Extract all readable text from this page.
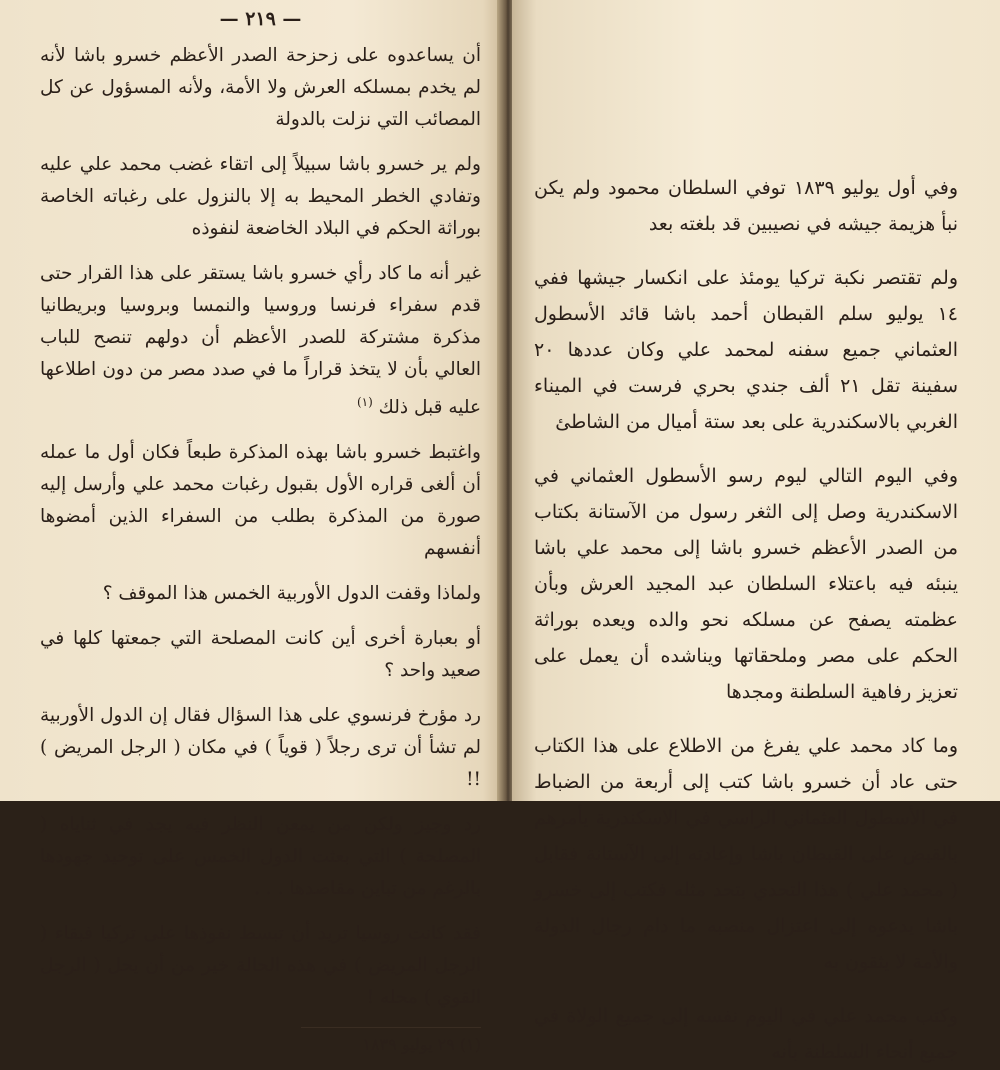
— ٢١٩ —

أن يساعدوه على زحزحة الصدر الأعظم خسرو باشا لأنه لم يخدم بمسلكه العرش ولا الأمة، ولأنه المسؤول عن كل المصائب التي نزلت بالدولة

ولم ير خسرو باشا سبيلاً إلى اتقاء غضب محمد علي عليه وتفادي الخطر المحيط به إلا بالنزول على رغباته الخاصة بوراثة الحكم في البلاد الخاضعة لنفوذه

غير أنه ما كاد رأي خسرو باشا يستقر على هذا القرار حتى قدم سفراء فرنسا وروسيا والنمسا وبروسيا وبريطانيا مذكرة مشتركة للصدر الأعظم أن دولهم تنصح للباب العالي بأن لا يتخذ قراراً ما في صدد مصر من دون اطلاعها عليه قبل ذلك $^{(١)}$

واغتبط خسرو باشا بهذه المذكرة طبعاً فكان أول ما عمله أن ألغى قراره الأول بقبول رغبات محمد علي وأرسل إليه صورة من المذكرة بطلب من السفراء الذين أمضوها أنفسهم

ولماذا وقفت الدول الأوربية الخمس هذا الموقف ؟

أو بعبارة أخرى أين كانت المصلحة التي جمعتها كلها في صعيد واحد ؟

رد مؤرخ فرنسوي على هذا السؤال فقال إن الدول الأوربية لم تشأ أن ترى رجلاً ( قوياً ) في مكان ( الرجل المريض ) !!

رد وجيز ولكن من يمعن النظر فيه يجد في ثناياه ( المصلحة ) التي بعثت الدول الخمس على توحيد جهودها بالرغم من تباين مقاصدها . . .

فقد كانت روسيا تريد أن تبسط نفوذها على تركيا فبقاء ( الرجل المريض ) في هذه الحالة خير من أن يحل ( الرجل القوي ) محله !

(١) ٢٩ يوليو ١٨٣٩

وفي أول يوليو ١٨٣٩ توفي السلطان محمود ولم يكن نبأ هزيمة جيشه في نصيبين قد بلغته بعد

ولم تقتصر نكبة تركيا يومئذ على انكسار جيشها ففي ١٤ يوليو سلم القبطان أحمد باشا قائد الأسطول العثماني جميع سفنه لمحمد علي وكان عددها ٢٠ سفينة تقل ٢١ ألف جندي بحري فرست في الميناء الغربي بالاسكندرية على بعد ستة أميال من الشاطئ

وفي اليوم التالي ليوم رسو الأسطول العثماني في الاسكندرية وصل إلى الثغر رسول من الآستانة بكتاب من الصدر الأعظم خسرو باشا إلى محمد علي باشا ينبئه فيه باعتلاء السلطان عبد المجيد العرش وبأن عظمته يصفح عن مسلكه نحو والده ويعده بوراثة الحكم على مصر وملحقاتها ويناشده أن يعمل على تعزيز رفاهية السلطنة ومجدها

وما كاد محمد علي يفرغ من الاطلاع على هذا الكتاب حتى عاد أن خسرو باشا كتب إلى أربعة من الضباط في الأسطول العثماني الراسي في الاسكندرية يأمرهم بالقبض على القبطان باشا وإعادته إلى الآستانة فقابل ( محمد علي ) هذا التحدي بتحد مثله فكتب إلى خسرو باشا يدعوه إلى اعتزال منصبه ما دام رجال الدولة والأمة لا يثقون به

وكتب محمد علي في اليوم نفسه إلى جميع الولاة في جميع أنحاء السلطنة بأنه
